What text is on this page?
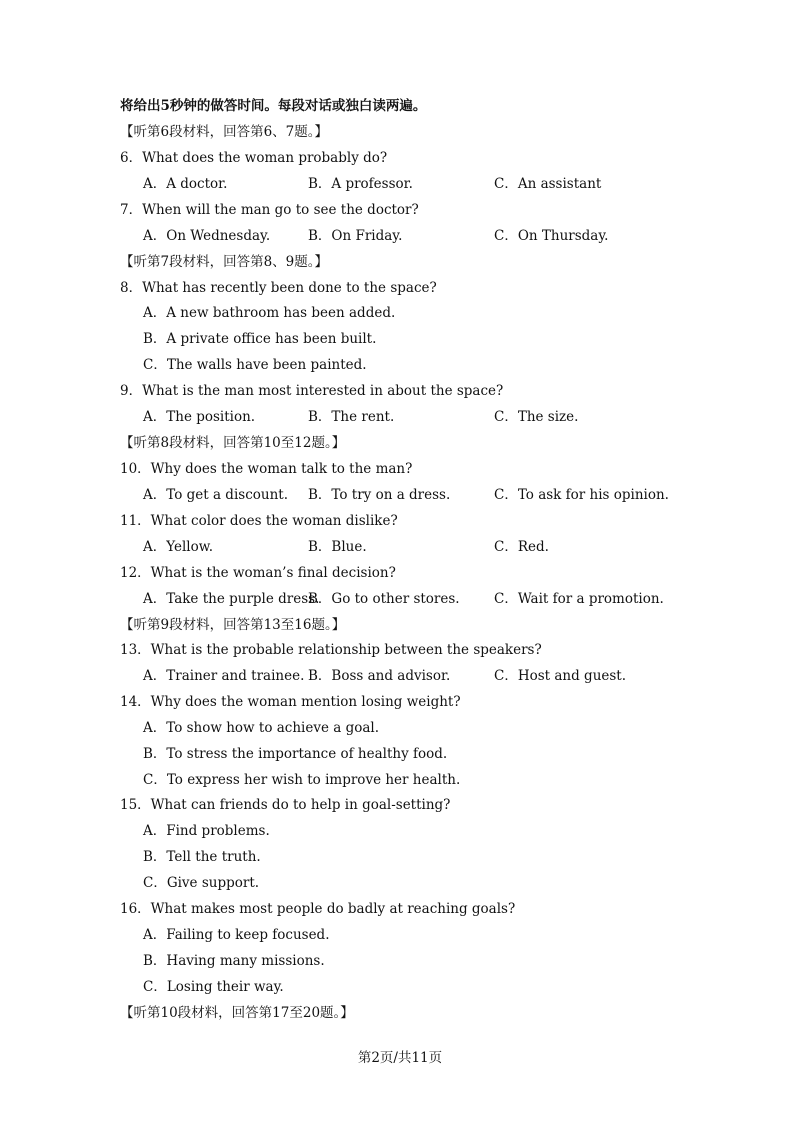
将给出5秒钟的做答时间。每段对话或独白读两遍。
【听第6段材料，回答第6、7题。】
6．What does the woman probably do?
A．A doctor.	B．A professor.	C．An assistant
7．When will the man go to see the doctor?
A．On Wednesday.	B．On Friday.	C．On Thursday.
【听第7段材料，回答第8、9题。】
8．What has recently been done to the space?
A．A new bathroom has been added.
B．A private office has been built.
C．The walls have been painted.
9．What is the man most interested in about the space?
A．The position.	B．The rent.	C．The size.
【听第8段材料，回答第10至12题。】
10．Why does the woman talk to the man?
A．To get a discount. B．To try on a dress.	C．To ask for his opinion.
11．What color does the woman dislike?
A．Yellow.	B．Blue.	C．Red.
12．What is the woman’s final decision?
A．Take the purple dress.
B．Go to other stores.	C．Wait for a promotion.
【听第9段材料，回答第13至16题。】
13．What is the probable relationship between the speakers?
A．Trainer and trainee. B．Boss and advisor.	C．Host and guest.
14．Why does the woman mention losing weight?
A．To show how to achieve a goal.
B．To stress the importance of healthy food.
C．To express her wish to improve her health.
15．What can friends do to help in goal-setting?
A．Find problems.
B．Tell the truth.
C．Give support.
16．What makes most people do badly at reaching goals?
A．Failing to keep focused.
B．Having many missions.
C．Losing their way.
【听第10段材料，回答第17至20题。】
第2页/共11页
